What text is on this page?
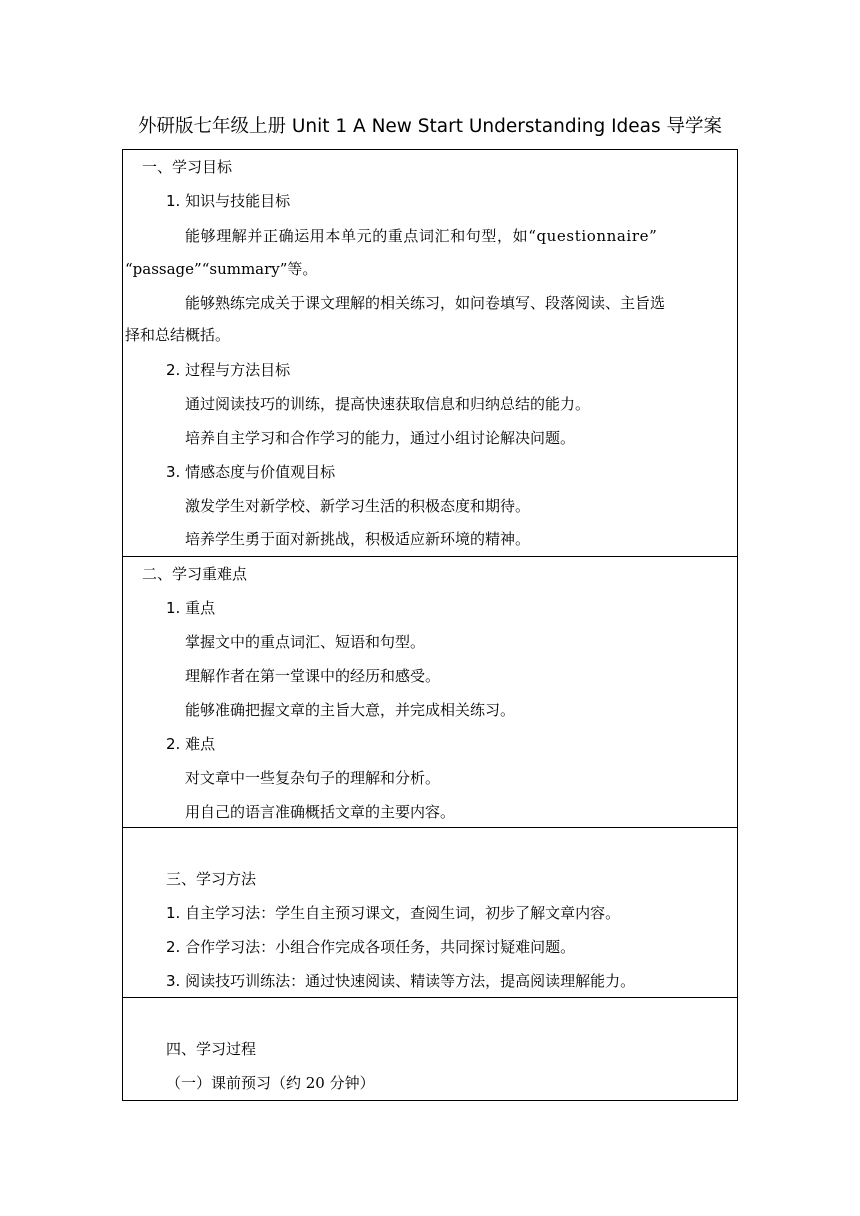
外研版七年级上册 Unit 1 A New Start Understanding Ideas 导学案
一、学习目标
1. 知识与技能目标
能够理解并正确运用本单元的重点词汇和句型，如“questionnaire”
“passage”“summary”等。
能够熟练完成关于课文理解的相关练习，如问卷填写、段落阅读、主旨选
择和总结概括。
2. 过程与方法目标
通过阅读技巧的训练，提高快速获取信息和归纳总结的能力。
培养自主学习和合作学习的能力，通过小组讨论解决问题。
3. 情感态度与价值观目标
激发学生对新学校、新学习生活的积极态度和期待。
培养学生勇于面对新挑战，积极适应新环境的精神。
二、学习重难点
1. 重点
掌握文中的重点词汇、短语和句型。
理解作者在第一堂课中的经历和感受。
能够准确把握文章的主旨大意，并完成相关练习。
2. 难点
对文章中一些复杂句子的理解和分析。
用自己的语言准确概括文章的主要内容。
三、学习方法
1. 自主学习法：学生自主预习课文，查阅生词，初步了解文章内容。
2. 合作学习法：小组合作完成各项任务，共同探讨疑难问题。
3. 阅读技巧训练法：通过快速阅读、精读等方法，提高阅读理解能力。
四、学习过程
（一）课前预习（约 20 分钟）
